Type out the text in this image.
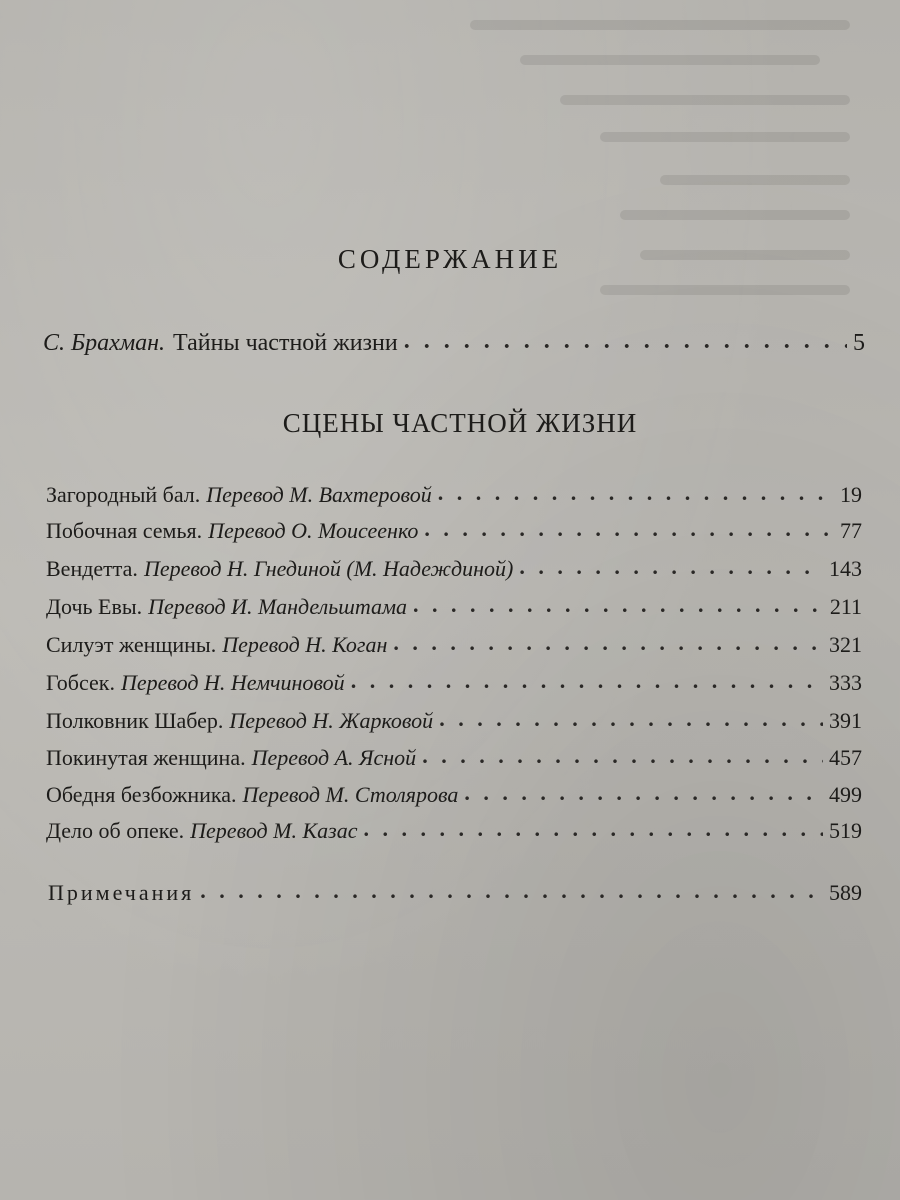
СОДЕРЖАНИЕ
С. Брахман. Тайны частной жизни . . .	5
СЦЕНЫ ЧАСТНОЙ ЖИЗНИ
Загородный бал. Перевод М. Вахтеровой . . .	19
Побочная семья. Перевод О. Моисеенко . . .	77
Вендетта. Перевод Н. Гнединой (М. Надеждиной) . . .	143
Дочь Евы. Перевод И. Мандельштама . . .	211
Силуэт женщины. Перевод Н. Коган . . .	321
Гобсек. Перевод Н. Немчиновой . . .	333
Полковник Шабер. Перевод Н. Жарковой . . .	391
Покинутая женщина. Перевод А. Ясной . . .	457
Обедня безбожника. Перевод М. Столярова . . .	499
Дело об опеке. Перевод М. Казас . . .	519
Примечания . . .	589
